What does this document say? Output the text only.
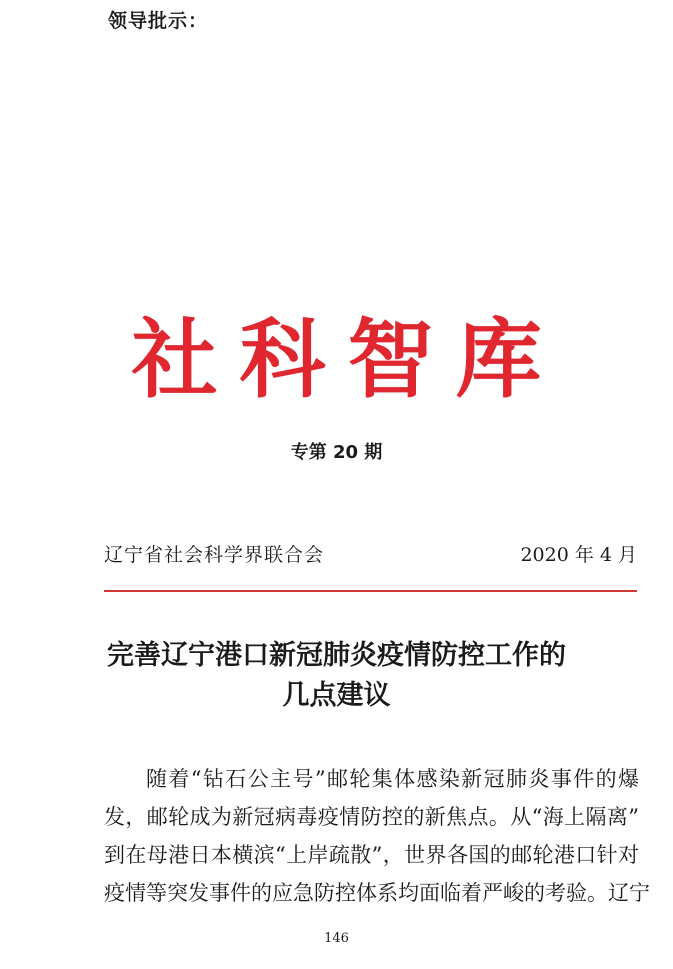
领导批示：
社科智库
专第 20 期
辽宁省社会科学界联合会	2020 年 4 月
完善辽宁港口新冠肺炎疫情防控工作的
几点建议
随着“钻石公主号”邮轮集体感染新冠肺炎事件的爆
发，邮轮成为新冠病毒疫情防控的新焦点。从“海上隔离”
到在母港日本横滨“上岸疏散”，世界各国的邮轮港口针对
疫情等突发事件的应急防控体系均面临着严峻的考验。辽宁
146
